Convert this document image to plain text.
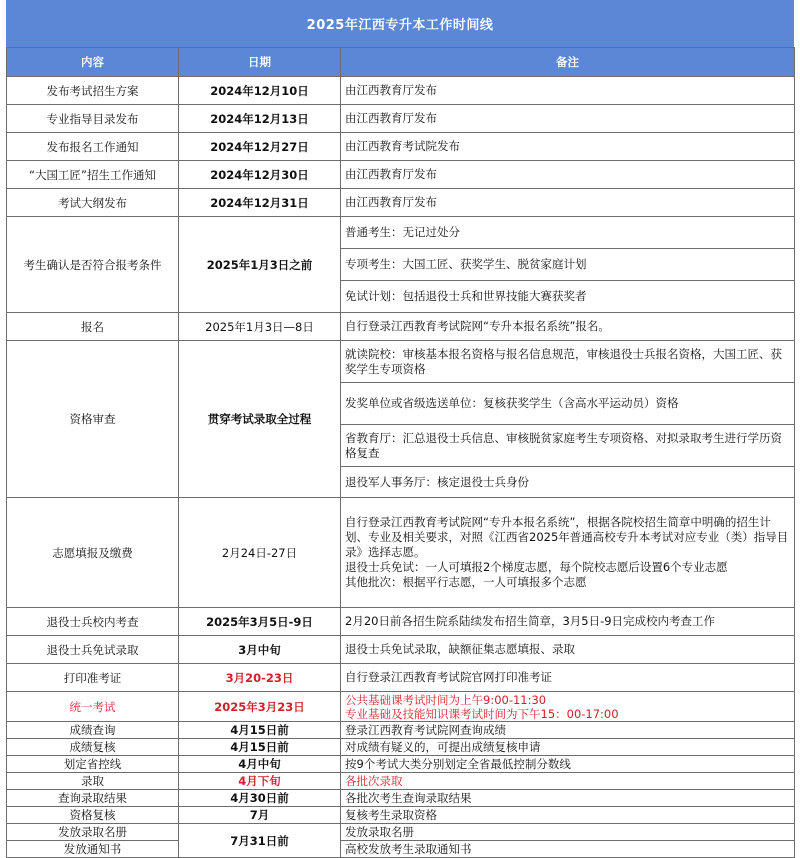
2025年江西专升本工作时间线
内容	日期	备注
发布考试招生方案	2024年12月10日	由江西教育厅发布
专业指导目录发布	2024年12月13日	由江西教育厅发布
发布报名工作通知	2024年12月27日	由江西教育考试院发布
“大国工匠”招生工作通知	2024年12月30日	由江西教育厅发布
考试大纲发布	2024年12月31日	由江西教育厅发布
考生确认是否符合报考条件	2025年1月3日之前	普通考生：无记过处分
		专项考生：大国工匠、获奖学生、脱贫家庭计划
		免试计划：包括退役士兵和世界技能大赛获奖者
报名	2025年1月3日—8日	自行登录江西教育考试院网“专升本报名系统”报名。
资格审查	贯穿考试录取全过程	就读院校：审核基本报名资格与报名信息规范，审核退役士兵报名资格，大国工匠、获奖学生专项资格
		发奖单位或省级选送单位：复核获奖学生（含高水平运动员）资格
		省教育厅：汇总退役士兵信息、审核脱贫家庭考生专项资格、对拟录取考生进行学历资格复查
		退役军人事务厅：核定退役士兵身份
志愿填报及缴费	2月24日-27日	自行登录江西教育考试院网“专升本报名系统”，根据各院校招生简章中明确的招生计划、专业及相关要求，对照《江西省2025年普通高校专升本考试对应专业（类）指导目录》选择志愿。
退役士兵免试：一人可填报2个梯度志愿，每个院校志愿后设置6个专业志愿
其他批次：根据平行志愿，一人可填报多个志愿

退役士兵校内考查	2025年3月5日-9日	2月20日前各招生院系陆续发布招生简章，3月5日-9日完成校内考查工作
退役士兵免试录取	3月中旬	退役士兵免试录取，缺额征集志愿填报、录取
打印准考证	3月20-23日	自行登录江西教育考试院官网打印准考证
统一考试	2025年3月23日	公共基础课考试时间为上午9:00-11:30
专业基础及技能知识课考试时间为下午15：00-17:00

成绩查询	4月15日前	登录江西教育考试院网查询成绩
成绩复核	4月15日前	对成绩有疑义的，可提出成绩复核申请
划定省控线	4月中旬	按9个考试大类分别划定全省最低控制分数线
录取	4月下旬	各批次录取
查询录取结果	4月30日前	各批次考生查询录取结果
资格复核	7月	复核考生录取资格
发放录取名册	7月31日前	发放录取名册
发放通知书		高校发放考生录取通知书
